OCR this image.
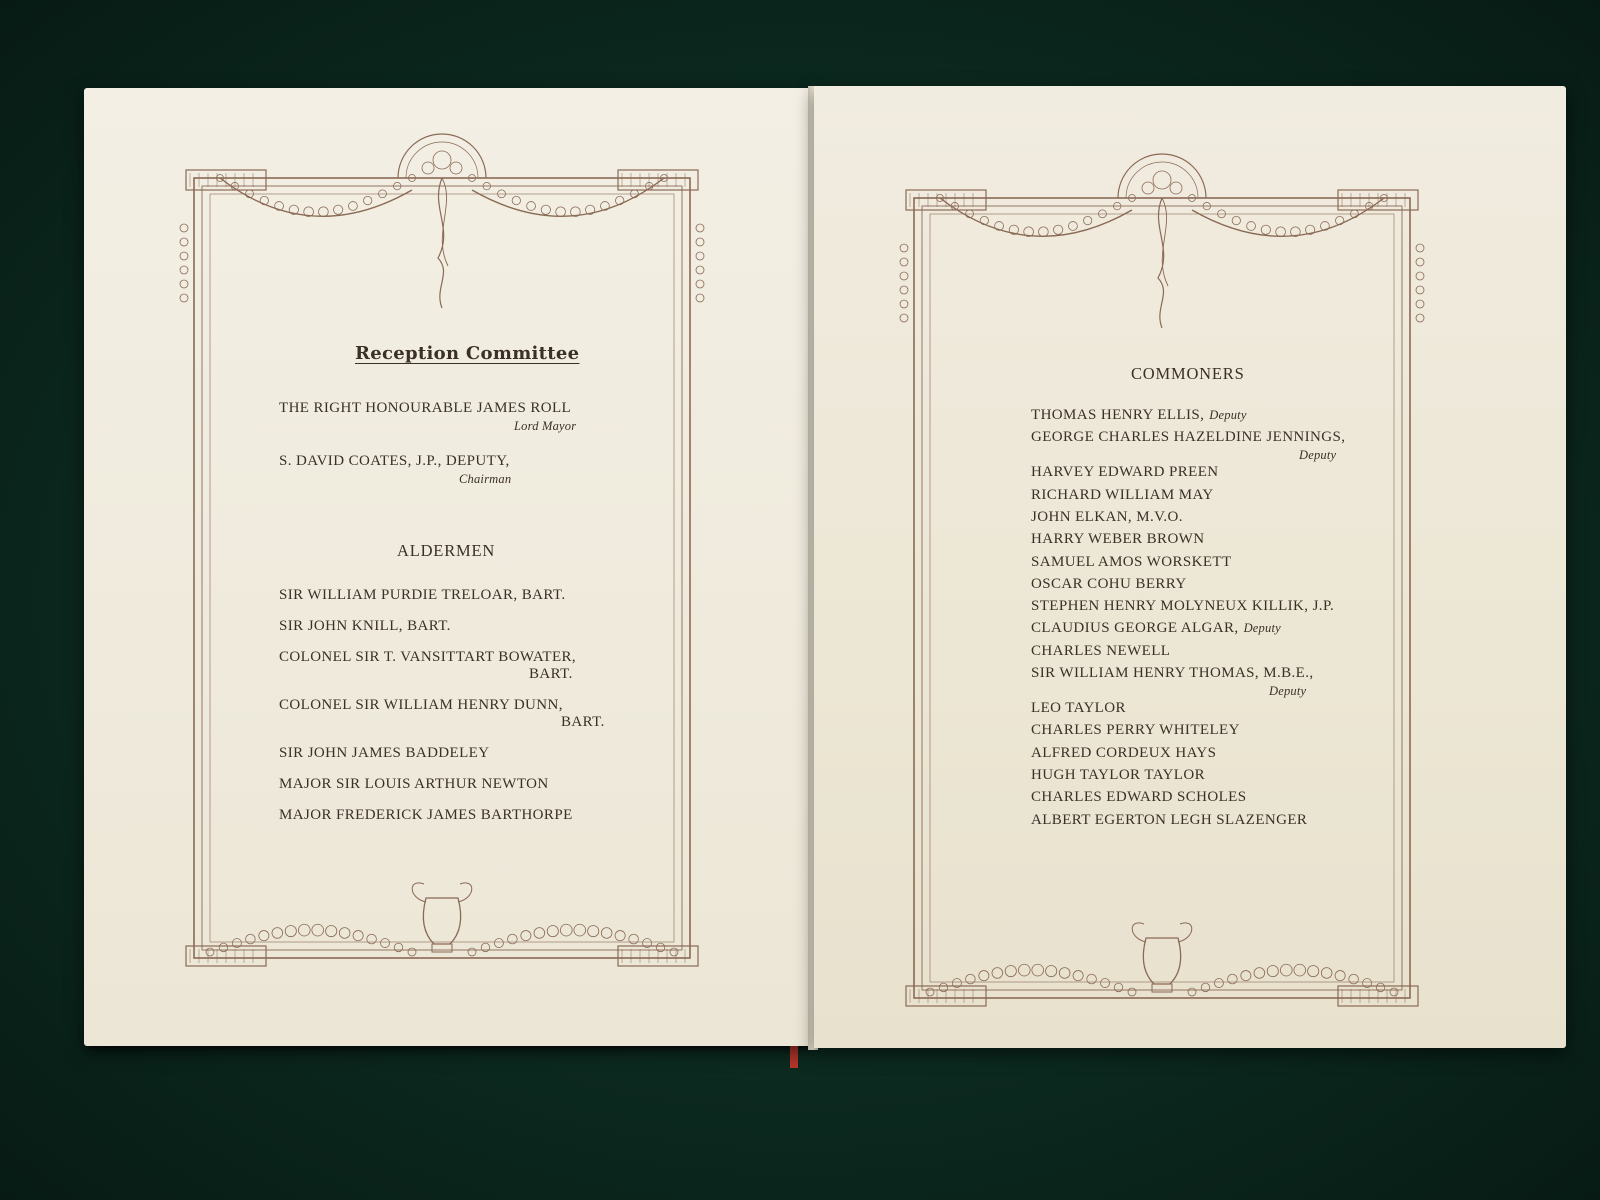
Reception Committee
THE RIGHT HONOURABLE JAMES ROLL
Lord Mayor
S. DAVID COATES, J.P., DEPUTY,
Chairman
ALDERMEN
SIR WILLIAM PURDIE TRELOAR, BART.
SIR JOHN KNILL, BART.
COLONEL SIR T. VANSITTART BOWATER,
BART.
COLONEL SIR WILLIAM HENRY DUNN,
BART.
SIR JOHN JAMES BADDELEY
MAJOR SIR LOUIS ARTHUR NEWTON
MAJOR FREDERICK JAMES BARTHORPE
COMMONERS
THOMAS HENRY ELLIS, Deputy
GEORGE CHARLES HAZELDINE JENNINGS,
Deputy
HARVEY EDWARD PREEN
RICHARD WILLIAM MAY
JOHN ELKAN, M.V.O.
HARRY WEBER BROWN
SAMUEL AMOS WORSKETT
OSCAR COHU BERRY
STEPHEN HENRY MOLYNEUX KILLIK, J.P.
CLAUDIUS GEORGE ALGAR, Deputy
CHARLES NEWELL
SIR WILLIAM HENRY THOMAS, M.B.E.,
Deputy
LEO TAYLOR
CHARLES PERRY WHITELEY
ALFRED CORDEUX HAYS
HUGH TAYLOR TAYLOR
CHARLES EDWARD SCHOLES
ALBERT EGERTON LEGH SLAZENGER
